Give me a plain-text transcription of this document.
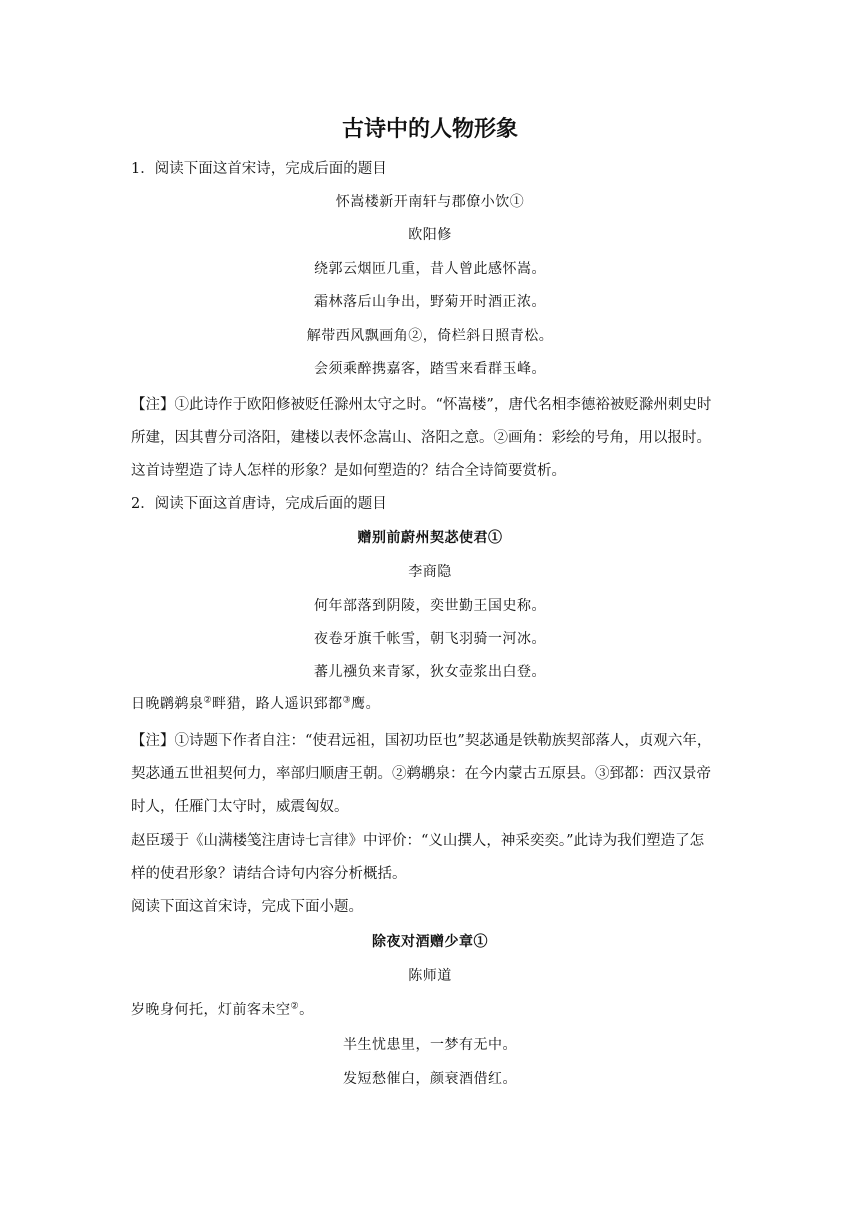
古诗中的人物形象
1．阅读下面这首宋诗，完成后面的题目
怀嵩楼新开南轩与郡僚小饮①
欧阳修
绕郭云烟匝几重，昔人曾此感怀嵩。
霜林落后山争出，野菊开时酒正浓。
解带西风飘画角②，倚栏斜日照青松。
会须乘醉携嘉客，踏雪来看群玉峰。
【注】①此诗作于欧阳修被贬任滁州太守之时。“怀嵩楼”，唐代名相李德裕被贬滁州刺史时
所建，因其曹分司洛阳，建楼以表怀念嵩山、洛阳之意。②画角：彩绘的号角，用以报时。
这首诗塑造了诗人怎样的形象？是如何塑造的？结合全诗简要赏析。
2．阅读下面这首唐诗，完成后面的题目
赠别前蔚州契苾使君①
李商隐
何年部落到阴陵，奕世勤王国史称。
夜卷牙旗千帐雪，朝飞羽骑一河冰。
蕃儿襁负来青冢，狄女壶浆出白登。
日晚䴙鹈泉②畔猎，路人遥识郅都③鹰。
【注】①诗题下作者自注：“使君远祖，国初功臣也”契苾通是铁勒族契部落人，贞观六年，
契苾通五世祖契何力，率部归顺唐王朝。②鹈鹕泉：在今内蒙古五原县。③郅都：西汉景帝
时人，任雁门太守时，威震匈奴。
赵臣瑗于《山满楼笺注唐诗七言律》中评价：“义山撰人，神采奕奕。”此诗为我们塑造了怎
样的使君形象？请结合诗句内容分析概括。
阅读下面这首宋诗，完成下面小题。
除夜对酒赠少章①
陈师道
岁晚身何托，灯前客未空②。
半生忧患里，一梦有无中。
发短愁催白，颜衰酒借红。
